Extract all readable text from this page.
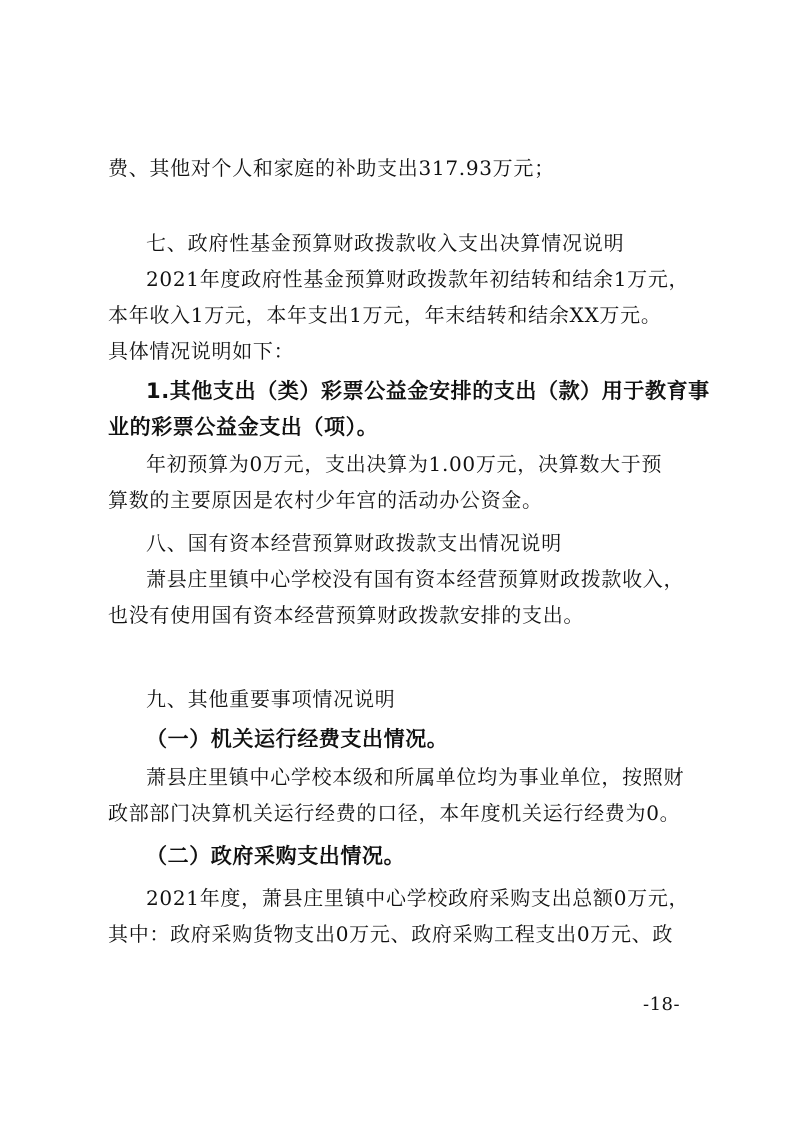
费、其他对个人和家庭的补助支出317.93万元；
七、政府性基金预算财政拨款收入支出决算情况说明
2021年度政府性基金预算财政拨款年初结转和结余1万元，
本年收入1万元，本年支出1万元，年末结转和结余XX万元。
具体情况说明如下：
1.其他支出（类）彩票公益金安排的支出（款）用于教育事
业的彩票公益金支出（项）。
年初预算为0万元，支出决算为1.00万元，决算数大于预
算数的主要原因是农村少年宫的活动办公资金。
八、国有资本经营预算财政拨款支出情况说明
萧县庄里镇中心学校没有国有资本经营预算财政拨款收入，
也没有使用国有资本经营预算财政拨款安排的支出。
九、其他重要事项情况说明
（一）机关运行经费支出情况。
萧县庄里镇中心学校本级和所属单位均为事业单位，按照财
政部部门决算机关运行经费的口径，本年度机关运行经费为0。
（二）政府采购支出情况。
2021年度，萧县庄里镇中心学校政府采购支出总额0万元，
其中：政府采购货物支出0万元、政府采购工程支出0万元、政
-18-
